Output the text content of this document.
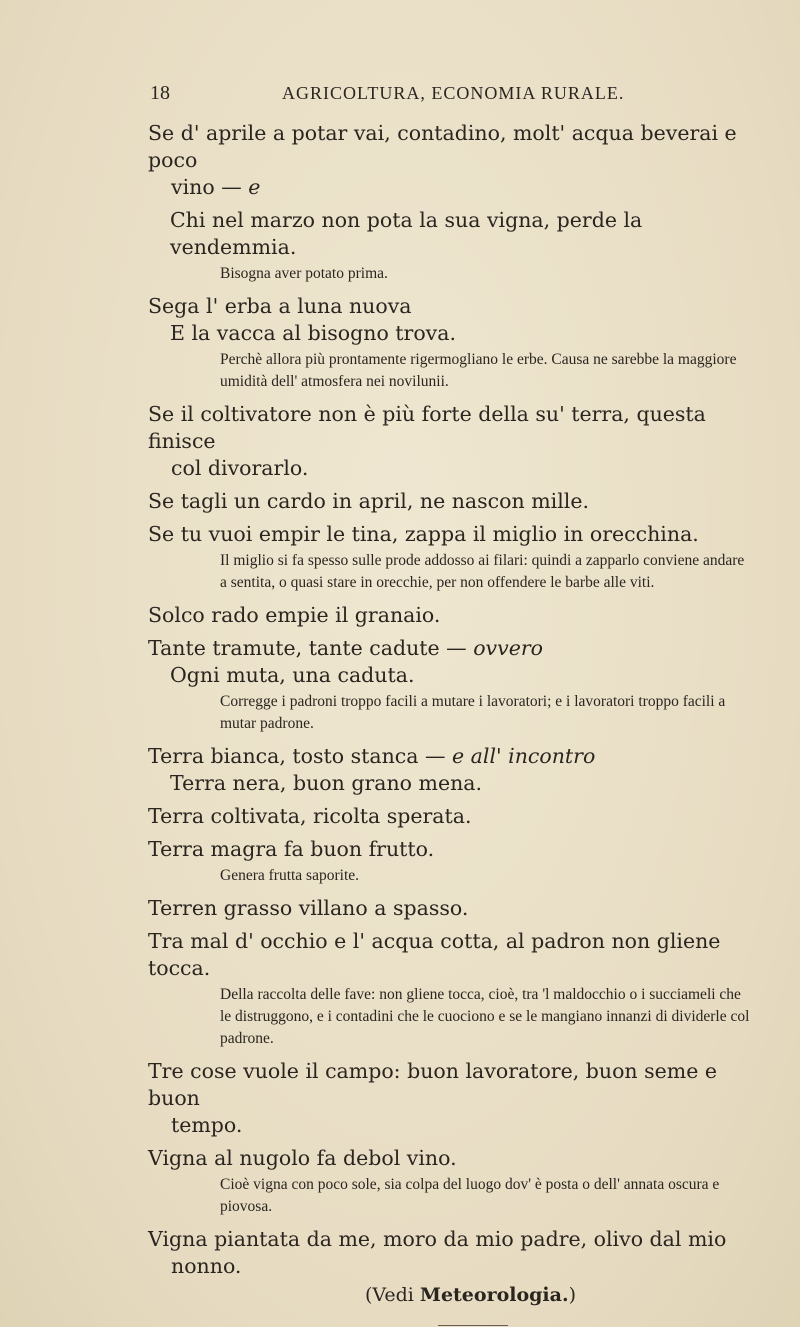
18	AGRICOLTURA, ECONOMIA RURALE.

Se d' aprile a potar vai, contadino, molt' acqua beverai e poco

vino — e

Chi nel marzo non pota la sua vigna, perde la vendemmia.

Bisogna aver potato prima.

Sega l' erba a luna nuova

E la vacca al bisogno trova.

Perchè allora più prontamente rigermogliano le erbe. Causa ne sarebbe la maggiore umidità dell' atmosfera nei novilunii.

Se il coltivatore non è più forte della su' terra, questa finisce

col divorarlo.

Se tagli un cardo in april, ne nascon mille.

Se tu vuoi empir le tina, zappa il miglio in orecchina.

Il miglio si fa spesso sulle prode addosso ai filari: quindi a zapparlo conviene andare a sentita, o quasi stare in orecchie, per non offendere le barbe alle viti.

Solco rado empie il granaio.

Tante tramute, tante cadute — ovvero

Ogni muta, una caduta.

Corregge i padroni troppo facili a mutare i lavoratori; e i lavoratori troppo facili a mutar padrone.

Terra bianca, tosto stanca — e all' incontro

Terra nera, buon grano mena.

Terra coltivata, ricolta sperata.

Terra magra fa buon frutto.

Genera frutta saporite.

Terren grasso villano a spasso.

Tra mal d' occhio e l' acqua cotta, al padron non gliene tocca.

Della raccolta delle fave: non gliene tocca, cioè, tra 'l maldocchio o i succiameli che le distruggono, e i contadini che le cuociono e se le mangiano innanzi di dividerle col padrone.

Tre cose vuole il campo: buon lavoratore, buon seme e buon

tempo.

Vigna al nugolo fa debol vino.

Cioè vigna con poco sole, sia colpa del luogo dov' è posta o dell' annata oscura e piovosa.

Vigna piantata da me, moro da mio padre, olivo dal mio

nonno.

(Vedi Meteorologia.)
